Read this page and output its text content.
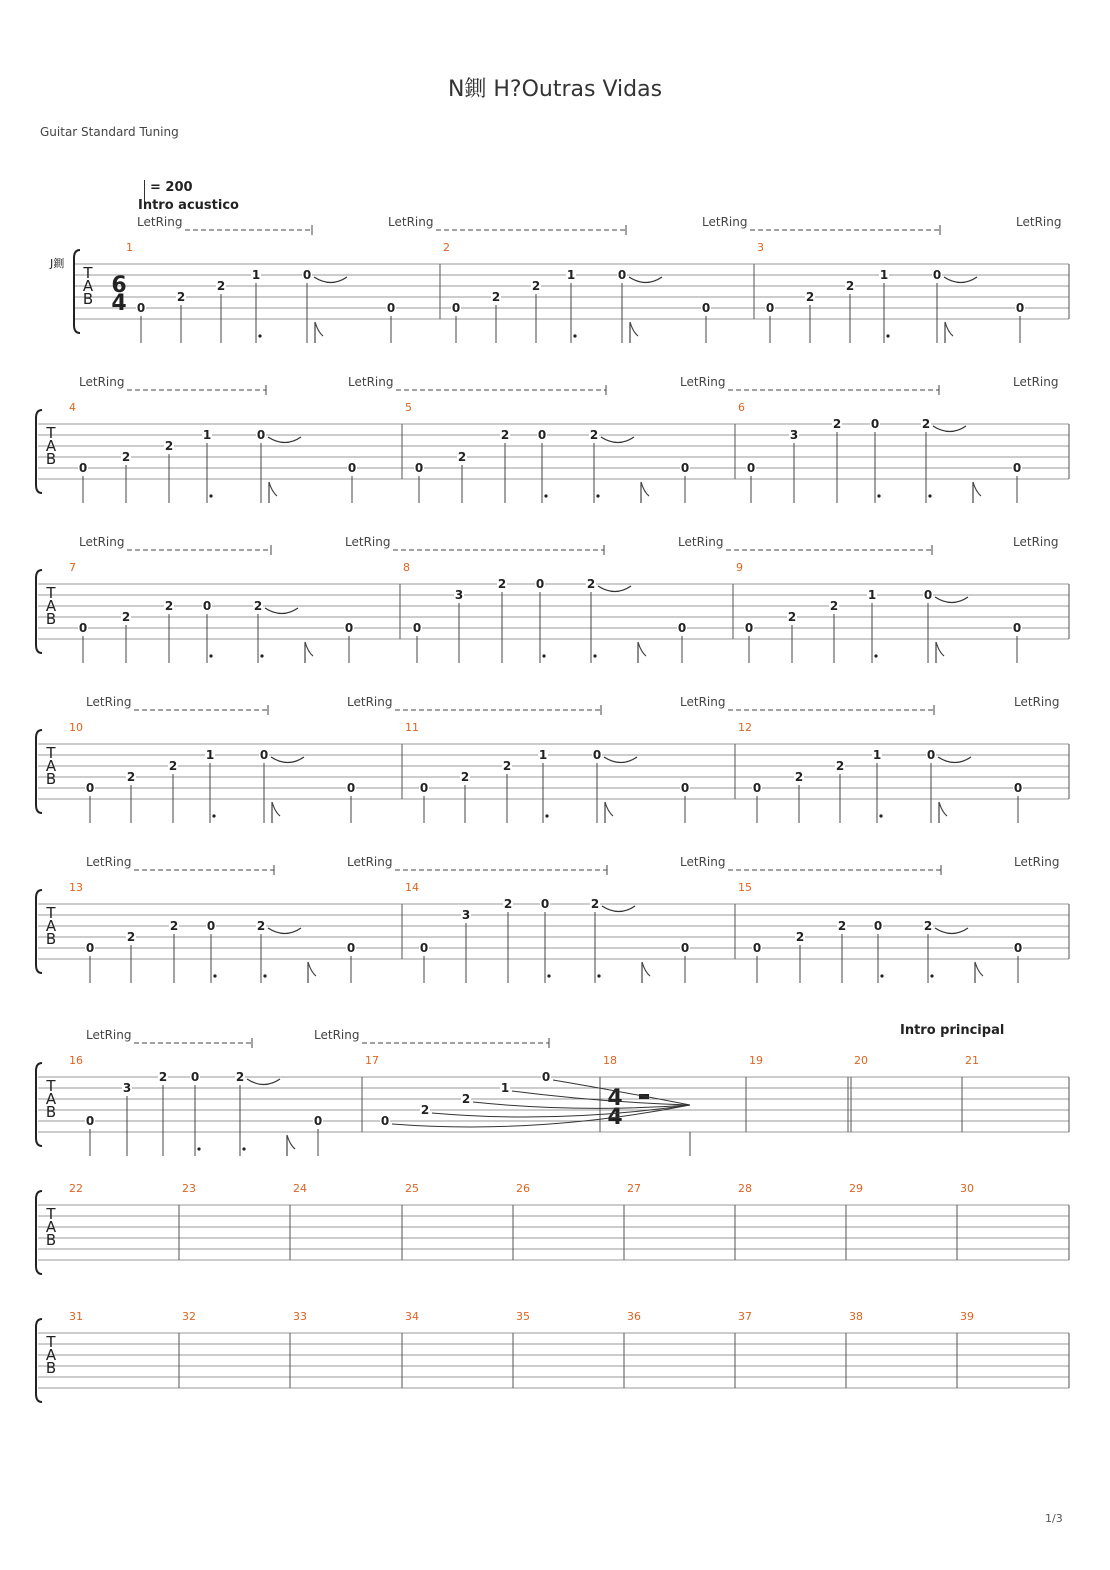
N鍘 H?Outras Vidas
Guitar Standard Tuning
= 200
Intro acustico
Intro principal
J鍘
1/3
T
A
B
1	2	3
LetRing	LetRing	LetRing	LetRing
T
A
B
4	5	6
LetRing	LetRing	LetRing	LetRing
T
A
B
7	8	9
LetRing	LetRing	LetRing	LetRing
T
A
B
10	11	12
LetRing	LetRing	LetRing	LetRing
T
A
B
13	14	15
LetRing	LetRing	LetRing	LetRing
T
A
B
16	17	18	19	20	21
LetRing	LetRing
T
A
B
22	23	24	25	26	27	28	29	30
T
A
B
31	32	33	34	35	36	37	38	39
6
4
4
4
0
2
2
1	0
0	0
2
2
1	0
0	0
2
2
1	0
0
0
2
2
1	0
0	0
2
2 0	2
0	0
3
2 0	2
0
0
2
2 0	2
0	0
3
2 0	2
0	0
2
2
1	0
0
0
2
2
1	0
0	0
2
2
1	0
0	0
2
2
1	0
0
0
2
2 0	2
0	0
3
2 0	2
0	0
2
2 0	2
0
0
3
2 0	2
0	0
2
2
1
0
